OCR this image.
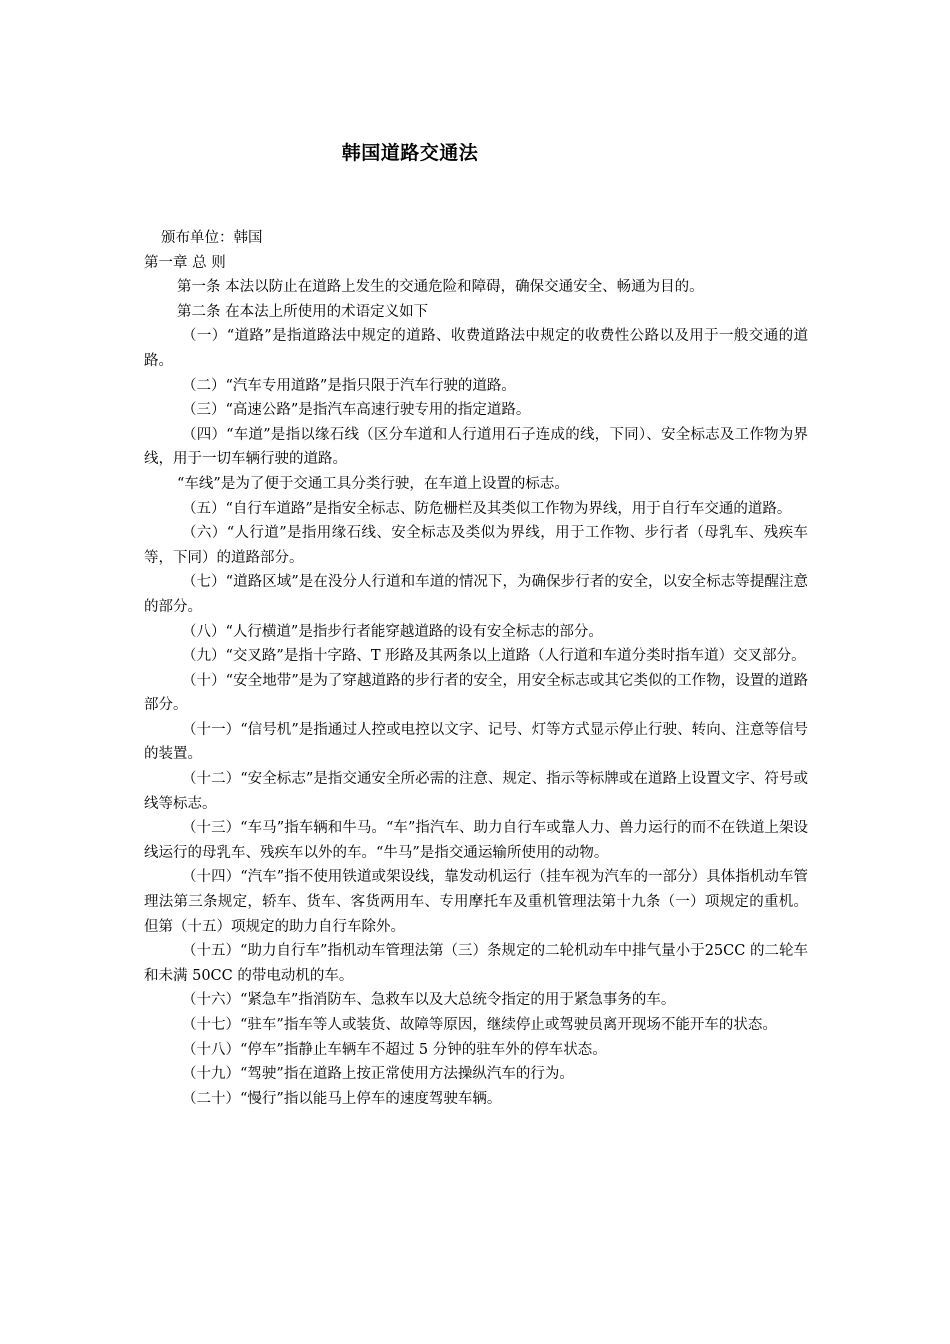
韩国道路交通法

颁布单位：韩国

第一章 总 则

第一条 本法以防止在道路上发生的交通危险和障碍，确保交通安全、畅通为目的。

第二条 在本法上所使用的术语定义如下

（一）“道路”是指道路法中规定的道路、收费道路法中规定的收费性公路以及用于一般交通的道路。

（二）“汽车专用道路”是指只限于汽车行驶的道路。

（三）“高速公路”是指汽车高速行驶专用的指定道路。

（四）“车道”是指以缘石线（区分车道和人行道用石子连成的线，下同）、安全标志及工作物为界线，用于一切车辆行驶的道路。

“车线”是为了便于交通工具分类行驶，在车道上设置的标志。

（五）“自行车道路”是指安全标志、防危栅栏及其类似工作物为界线，用于自行车交通的道路。

（六）“人行道”是指用缘石线、安全标志及类似为界线，用于工作物、步行者（母乳车、残疾车等，下同）的道路部分。

（七）“道路区域”是在没分人行道和车道的情况下，为确保步行者的安全，以安全标志等提醒注意的部分。

（八）“人行横道”是指步行者能穿越道路的设有安全标志的部分。

（九）“交叉路”是指十字路、T 形路及其两条以上道路（人行道和车道分类时指车道）交叉部分。

（十）“安全地带”是为了穿越道路的步行者的安全，用安全标志或其它类似的工作物，设置的道路部分。

（十一）“信号机”是指通过人控或电控以文字、记号、灯等方式显示停止行驶、转向、注意等信号的装置。

（十二）“安全标志”是指交通安全所必需的注意、规定、指示等标牌或在道路上设置文字、符号或线等标志。

（十三）“车马”指车辆和牛马。“车”指汽车、助力自行车或靠人力、兽力运行的而不在铁道上架设线运行的母乳车、残疾车以外的车。“牛马”是指交通运输所使用的动物。

（十四）“汽车”指不使用铁道或架设线，靠发动机运行（挂车视为汽车的一部分）具体指机动车管理法第三条规定，轿车、货车、客货两用车、专用摩托车及重机管理法第十九条（一）项规定的重机。但第（十五）项规定的助力自行车除外。

（十五）“助力自行车”指机动车管理法第（三）条规定的二轮机动车中排气量小于25CC 的二轮车和未满 50CC 的带电动机的车。

（十六）“紧急车”指消防车、急救车以及大总统令指定的用于紧急事务的车。

（十七）“驻车”指车等人或装货、故障等原因，继续停止或驾驶员离开现场不能开车的状态。

（十八）“停车”指静止车辆车不超过 5 分钟的驻车外的停车状态。

（十九）“驾驶”指在道路上按正常使用方法操纵汽车的行为。

（二十）“慢行”指以能马上停车的速度驾驶车辆。
